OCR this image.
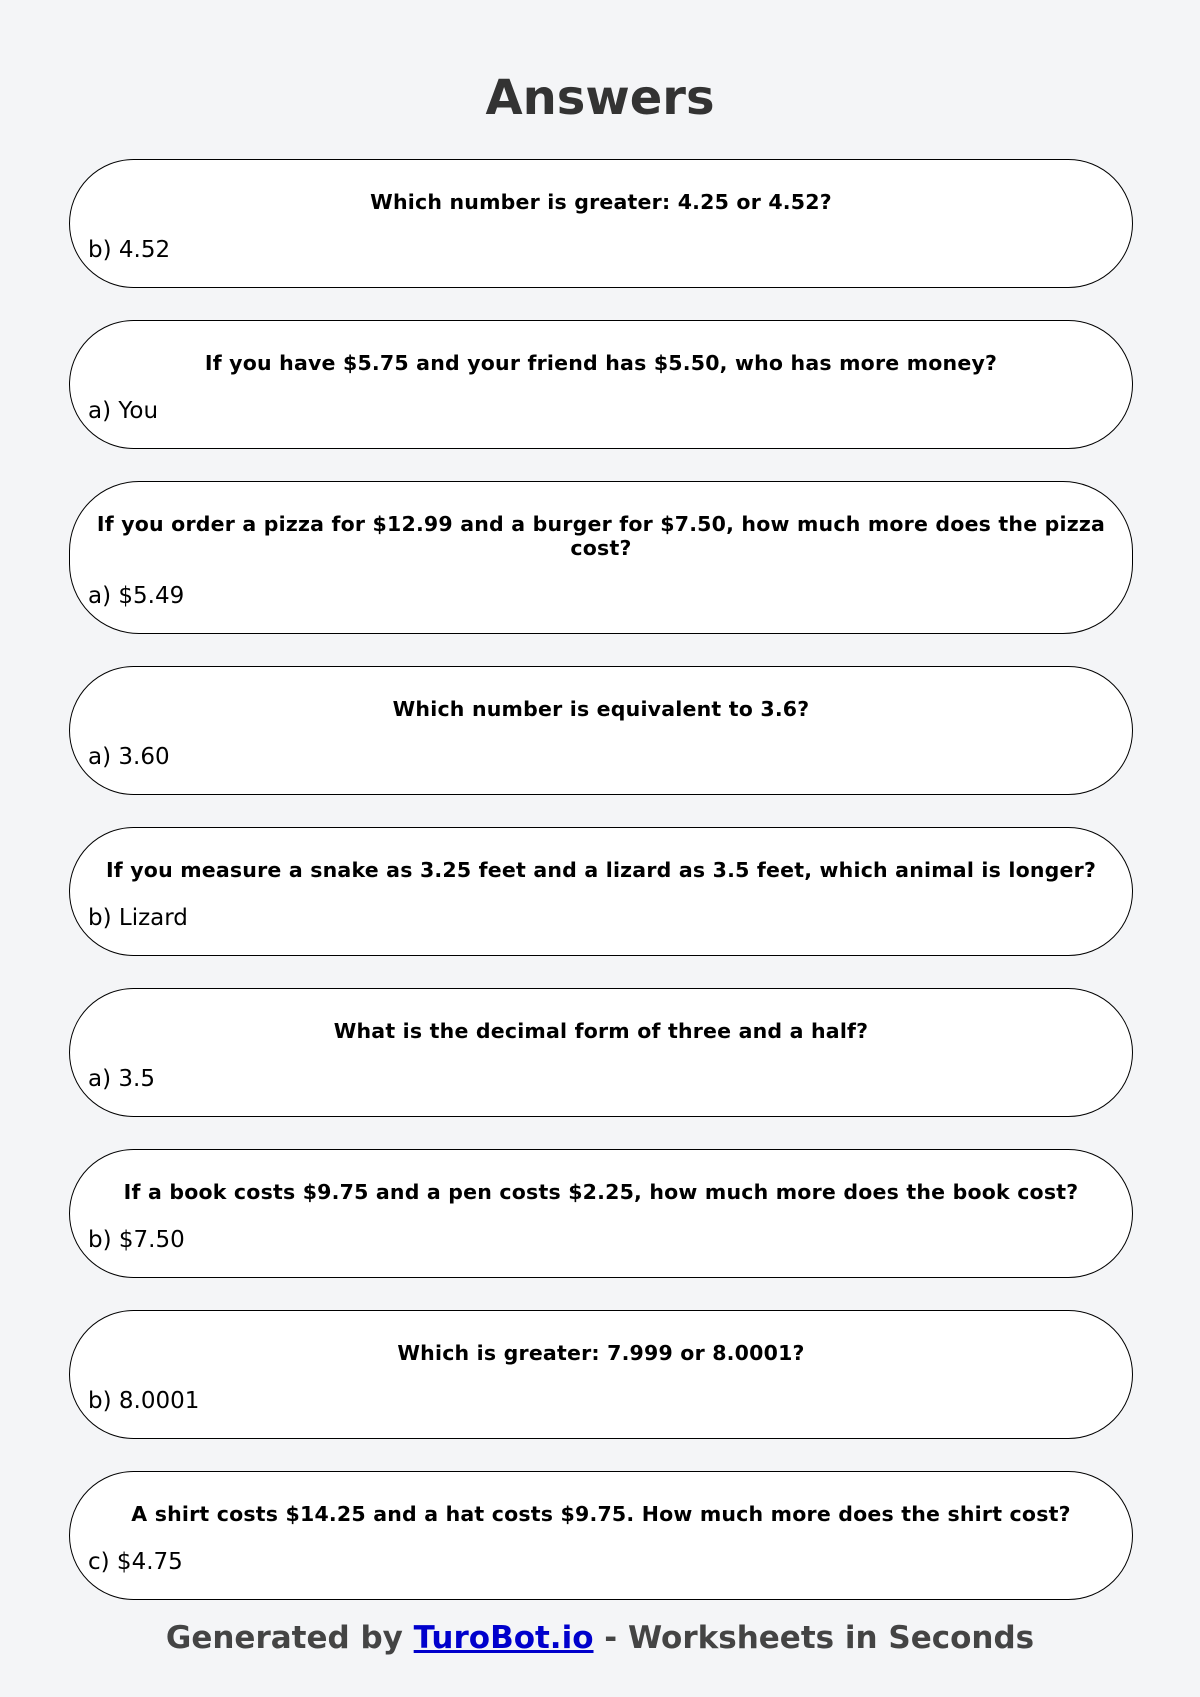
Answers

Which number is greater: 4.25 or 4.52?

b) 4.52

If you have $5.75 and your friend has $5.50, who has more money?

a) You

If you order a pizza for $12.99 and a burger for $7.50, how much more does the pizza cost?

a) $5.49

Which number is equivalent to 3.6?

a) 3.60

If you measure a snake as 3.25 feet and a lizard as 3.5 feet, which animal is longer?

b) Lizard

What is the decimal form of three and a half?

a) 3.5

If a book costs $9.75 and a pen costs $2.25, how much more does the book cost?

b) $7.50

Which is greater: 7.999 or 8.0001?

b) 8.0001

A shirt costs $14.25 and a hat costs $9.75. How much more does the shirt cost?

c) $4.75

Generated by TuroBot.io - Worksheets in Seconds
